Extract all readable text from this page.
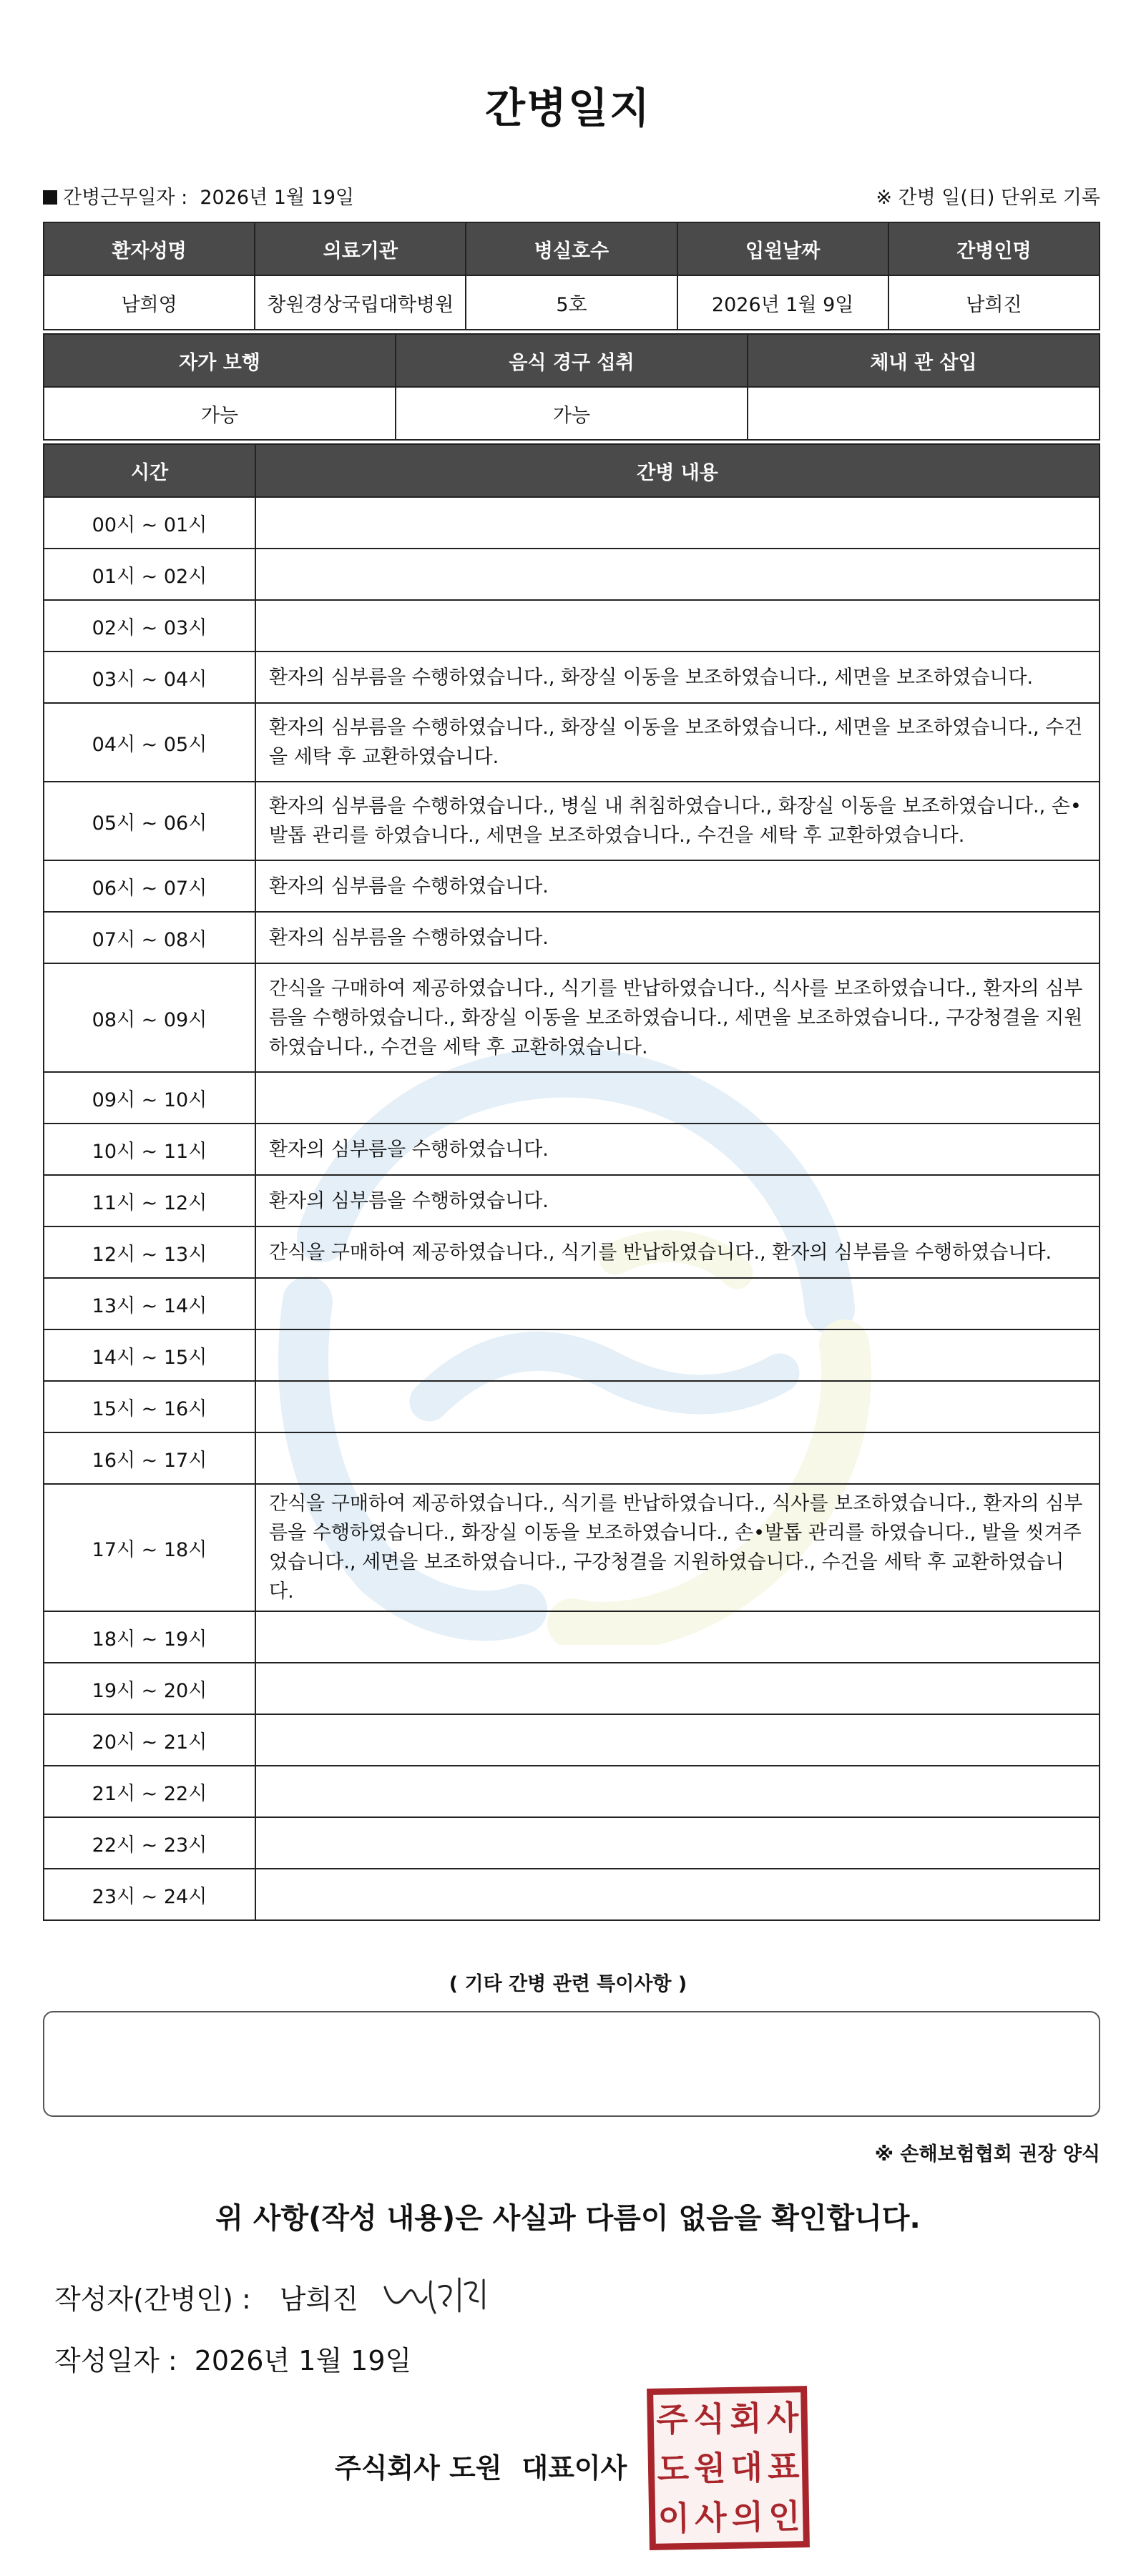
간병일지
간병근무일자 : 2026년 1월 19일	※ 간병 일(日) 단위로 기록
환자성명	의료기관	병실호수	입원날짜	간병인명
남희영	창원경상국립대학병원	5호	2026년 1월 9일	남희진
자가 보행	음식 경구 섭취	체내 관 삽입
가능	가능	
시간	간병 내용
00시 ~ 01시	
01시 ~ 02시	
02시 ~ 03시	
03시 ~ 04시	환자의 심부름을 수행하였습니다., 화장실 이동을 보조하였습니다., 세면을 보조하였습니다.
04시 ~ 05시	환자의 심부름을 수행하였습니다., 화장실 이동을 보조하였습니다., 세면을 보조하였습니다., 수건을 세탁 후 교환하였습니다.
05시 ~ 06시	환자의 심부름을 수행하였습니다., 병실 내 취침하였습니다., 화장실 이동을 보조하였습니다., 손•발톱 관리를 하였습니다., 세면을 보조하였습니다., 수건을 세탁 후 교환하였습니다.
06시 ~ 07시	환자의 심부름을 수행하였습니다.
07시 ~ 08시	환자의 심부름을 수행하였습니다.
08시 ~ 09시	간식을 구매하여 제공하였습니다., 식기를 반납하였습니다., 식사를 보조하였습니다., 환자의 심부름을 수행하였습니다., 화장실 이동을 보조하였습니다., 세면을 보조하였습니다., 구강청결을 지원하였습니다., 수건을 세탁 후 교환하였습니다.
09시 ~ 10시	
10시 ~ 11시	환자의 심부름을 수행하였습니다.
11시 ~ 12시	환자의 심부름을 수행하였습니다.
12시 ~ 13시	간식을 구매하여 제공하였습니다., 식기를 반납하였습니다., 환자의 심부름을 수행하였습니다.
13시 ~ 14시	
14시 ~ 15시	
15시 ~ 16시	
16시 ~ 17시	
17시 ~ 18시	간식을 구매하여 제공하였습니다., 식기를 반납하였습니다., 식사를 보조하였습니다., 환자의 심부름을 수행하였습니다., 화장실 이동을 보조하였습니다., 손•발톱 관리를 하였습니다., 발을 씻겨주었습니다., 세면을 보조하였습니다., 구강청결을 지원하였습니다., 수건을 세탁 후 교환하였습니다.
18시 ~ 19시	
19시 ~ 20시	
20시 ~ 21시	
21시 ~ 22시	
22시 ~ 23시	
23시 ~ 24시	
( 기타 간병 관련 특이사항 )
※ 손해보험협회 권장 양식
위 사항(작성 내용)은 사실과 다름이 없음을 확인합니다.
작성자(간병인) : 남희진
작성일자 : 2026년 1월 19일
주식회사 도원 대표이사
주 식 회 사
도 원 대 표
이 사 의 인
